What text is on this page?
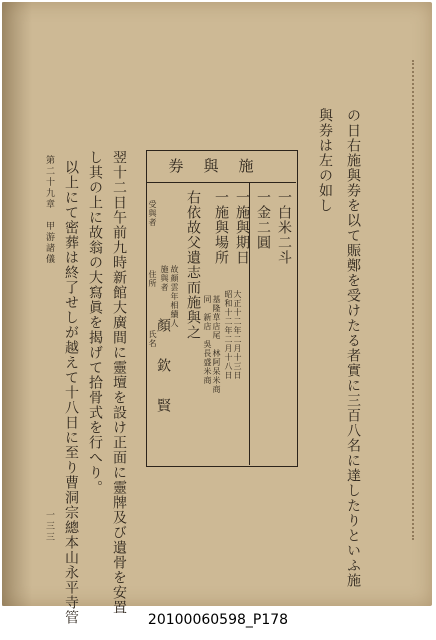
の日右施與券を以て賑鄭を受けたる者實に三百八名に達したりといふ施
與券は左の如し
券與施
一白米二斗
一金二圓
一施與期日
一施與場所
大正十二年二月十三日
昭和十二年二月十八日
基隆草店尾　林阿呆米商
同　新店　吳長盛米商
右依故父遺志而施與之
故顏雲年相續人
施與者
顏　欽　賢
受與者
住所
氏名
翌十二日午前九時新館大廣間に靈壇を設け正面に靈牌及び遺骨を安置
し其の上に故翁の大寫眞を揭げて拾骨式を行へり。
以上にて密葬は終了せしが越えて十八日に至り曹洞宗總本山永平寺管
第二十九章　甲游諸儀
一三三
20100060598_P178
